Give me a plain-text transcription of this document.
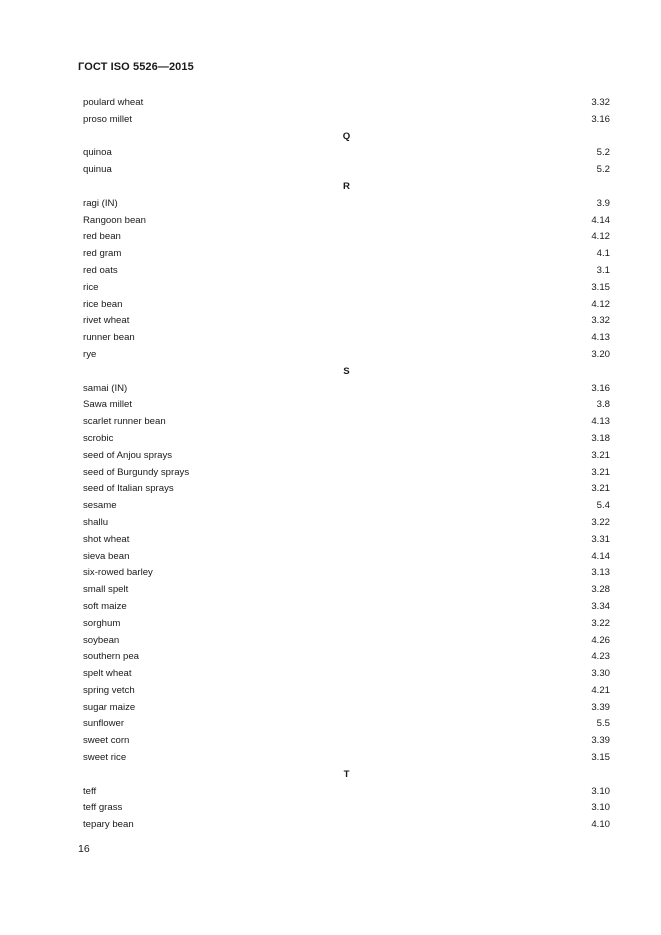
ГОСТ ISO 5526—2015
poulard wheat	3.32
proso millet	3.16
Q
quinoa	5.2
quinua	5.2
R
ragi (IN)	3.9
Rangoon bean	4.14
red bean	4.12
red gram	4.1
red oats	3.1
rice	3.15
rice bean	4.12
rivet wheat	3.32
runner bean	4.13
rye	3.20
S
samai (IN)	3.16
Sawa millet	3.8
scarlet runner bean	4.13
scrobic	3.18
seed of Anjou sprays	3.21
seed of Burgundy sprays	3.21
seed of Italian sprays	3.21
sesame	5.4
shallu	3.22
shot wheat	3.31
sieva bean	4.14
six-rowed barley	3.13
small spelt	3.28
soft maize	3.34
sorghum	3.22
soybean	4.26
southern pea	4.23
spelt wheat	3.30
spring vetch	4.21
sugar maize	3.39
sunflower	5.5
sweet corn	3.39
sweet rice	3.15
T
teff	3.10
teff grass	3.10
tepary bean	4.10
16
